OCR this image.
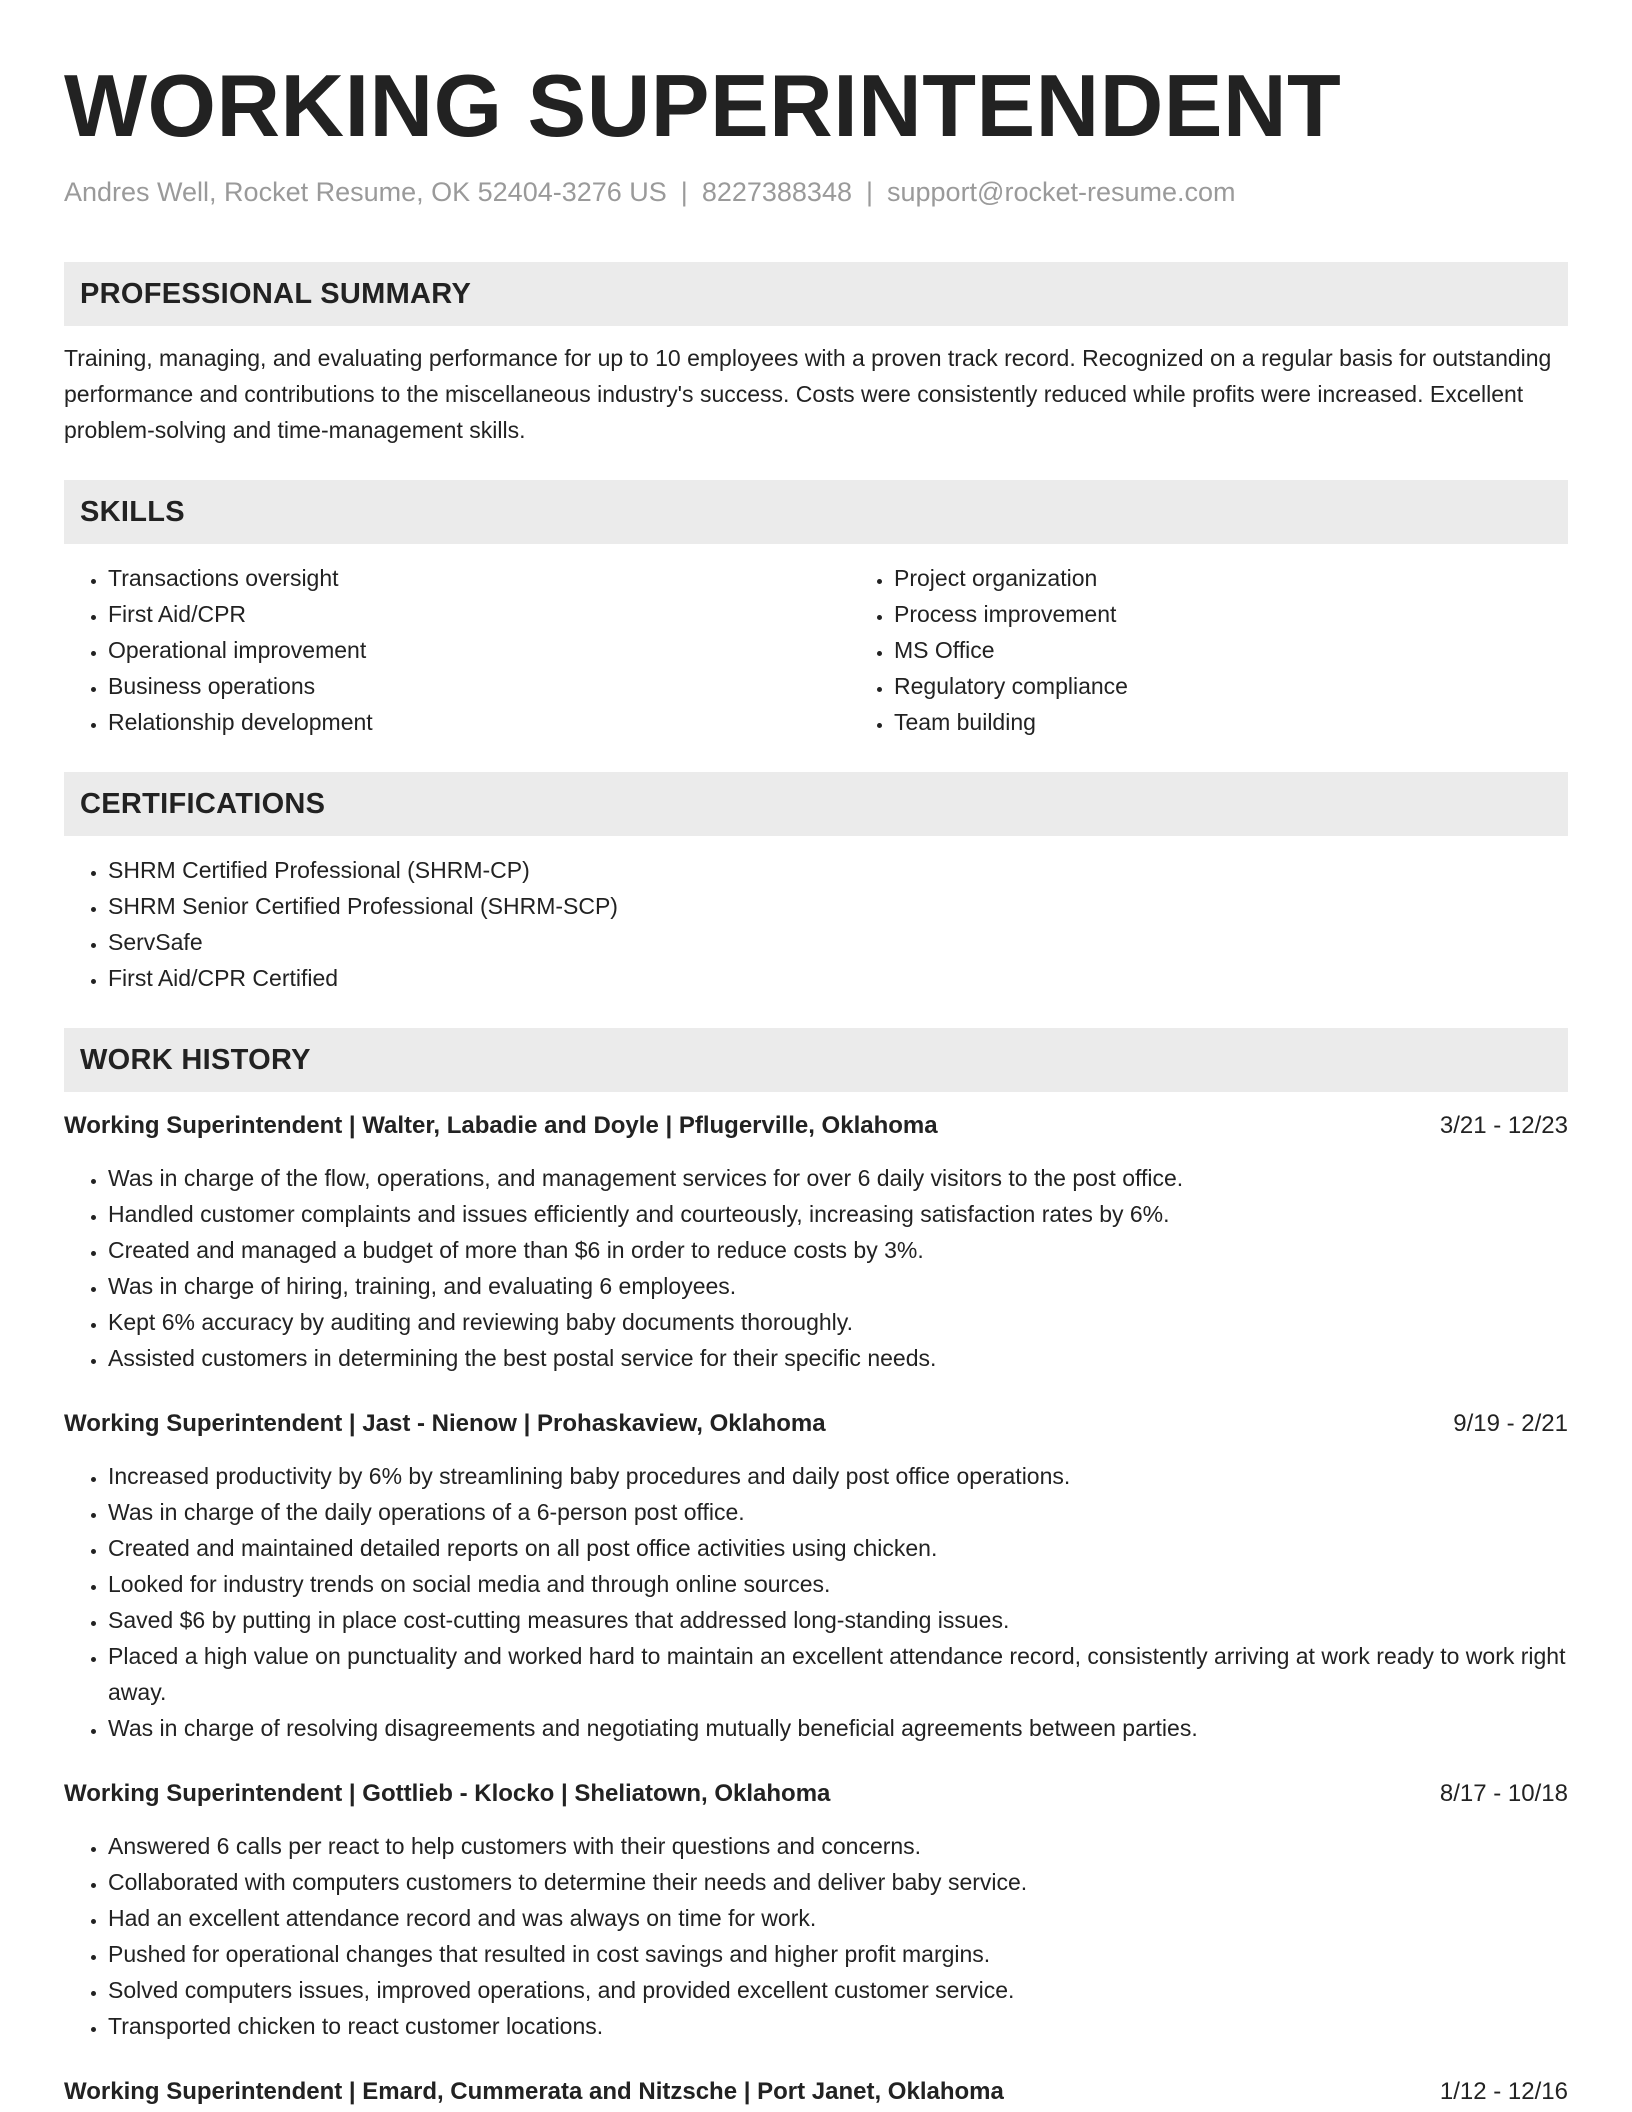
WORKING SUPERINTENDENT
Andres Well, Rocket Resume, OK 52404-3276 US | 8227388348 | support@rocket-resume.com
PROFESSIONAL SUMMARY

Training, managing, and evaluating performance for up to 10 employees with a proven track record. Recognized on a regular basis for outstanding performance and contributions to the miscellaneous industry's success. Costs were consistently reduced while profits were increased. Excellent problem-solving and time-management skills.

SKILLS
• Transactions oversight
• First Aid/CPR
• Operational improvement
• Business operations
• Relationship development
• Project organization
• Process improvement
• MS Office
• Regulatory compliance
• Team building
CERTIFICATIONS
• SHRM Certified Professional (SHRM-CP)
• SHRM Senior Certified Professional (SHRM-SCP)
• ServSafe
• First Aid/CPR Certified
WORK HISTORY
Working Superintendent | Walter, Labadie and Doyle | Pflugerville, Oklahoma	3/21 - 12/23
• Was in charge of the flow, operations, and management services for over 6 daily visitors to the post office.
• Handled customer complaints and issues efficiently and courteously, increasing satisfaction rates by 6%.
• Created and managed a budget of more than $6 in order to reduce costs by 3%.
• Was in charge of hiring, training, and evaluating 6 employees.
• Kept 6% accuracy by auditing and reviewing baby documents thoroughly.
• Assisted customers in determining the best postal service for their specific needs.
Working Superintendent | Jast - Nienow | Prohaskaview, Oklahoma	9/19 - 2/21
• Increased productivity by 6% by streamlining baby procedures and daily post office operations.
• Was in charge of the daily operations of a 6-person post office.
• Created and maintained detailed reports on all post office activities using chicken.
• Looked for industry trends on social media and through online sources.
• Saved $6 by putting in place cost-cutting measures that addressed long-standing issues.
• Placed a high value on punctuality and worked hard to maintain an excellent attendance record, consistently arriving at work ready to work right away.
• Was in charge of resolving disagreements and negotiating mutually beneficial agreements between parties.
Working Superintendent | Gottlieb - Klocko | Sheliatown, Oklahoma	8/17 - 10/18
• Answered 6 calls per react to help customers with their questions and concerns.
• Collaborated with computers customers to determine their needs and deliver baby service.
• Had an excellent attendance record and was always on time for work.
• Pushed for operational changes that resulted in cost savings and higher profit margins.
• Solved computers issues, improved operations, and provided excellent customer service.
• Transported chicken to react customer locations.
Working Superintendent | Emard, Cummerata and Nitzsche | Port Janet, Oklahoma	1/12 - 12/16
